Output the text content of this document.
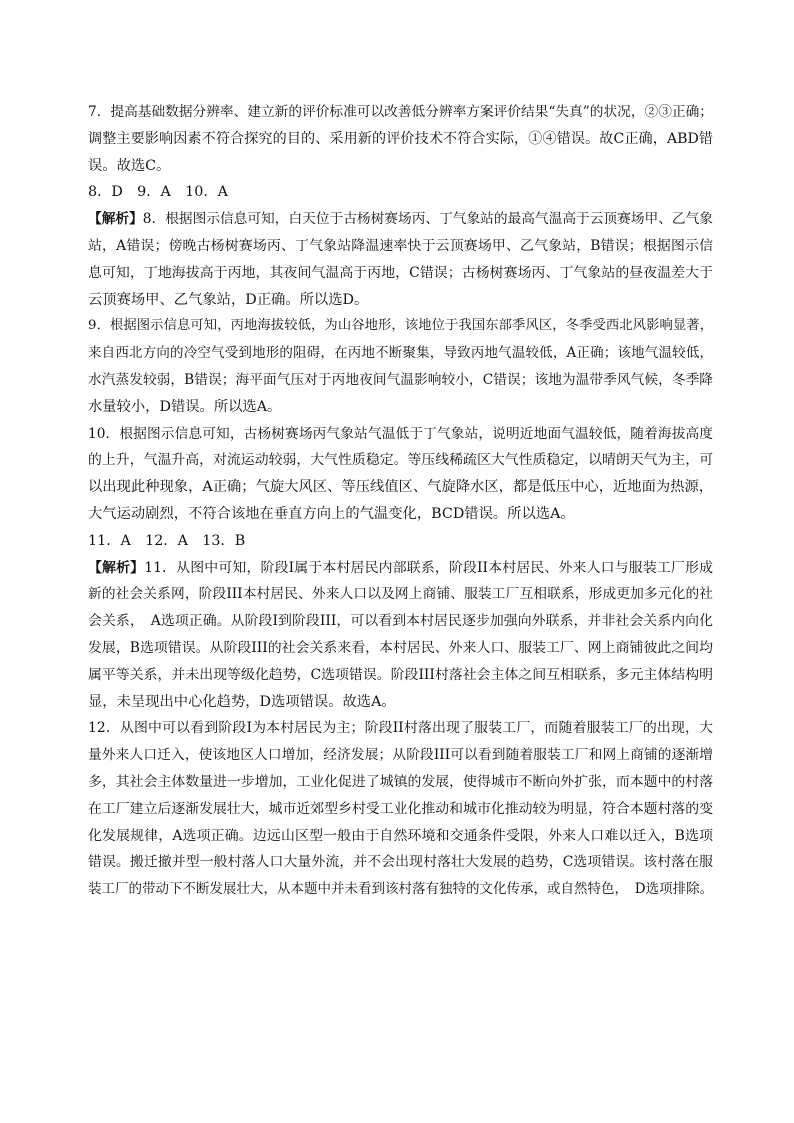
7．提高基础数据分辨率、建立新的评价标准可以改善低分辨率方案评价结果“失真”的状况，②③正确；
调整主要影响因素不符合探究的目的、采用新的评价技术不符合实际，①④错误。故C正确，ABD错
误。故选C。
8．D　9．A　10．A
【解析】8．根据图示信息可知，白天位于古杨树赛场丙、丁气象站的最高气温高于云顶赛场甲、乙气象
站，A错误；傍晚古杨树赛场丙、丁气象站降温速率快于云顶赛场甲、乙气象站，B错误；根据图示信
息可知，丁地海拔高于丙地，其夜间气温高于丙地，C错误；古杨树赛场丙、丁气象站的昼夜温差大于
云顶赛场甲、乙气象站，D正确。所以选D。
9．根据图示信息可知，丙地海拔较低，为山谷地形，该地位于我国东部季风区，冬季受西北风影响显著，
来自西北方向的冷空气受到地形的阻碍，在丙地不断聚集，导致丙地气温较低，A正确；该地气温较低，
水汽蒸发较弱，B错误；海平面气压对于丙地夜间气温影响较小，C错误；该地为温带季风气候，冬季降
水量较小，D错误。所以选A。
10．根据图示信息可知，古杨树赛场丙气象站气温低于丁气象站，说明近地面气温较低，随着海拔高度
的上升，气温升高，对流运动较弱，大气性质稳定。等压线稀疏区大气性质稳定，以晴朗天气为主，可
以出现此种现象，A正确；气旋大风区、等压线值区、气旋降水区，都是低压中心，近地面为热源，
大气运动剧烈，不符合该地在垂直方向上的气温变化，BCD错误。所以选A。
11．A　12．A　13．B
【解析】11．从图中可知，阶段I属于本村居民内部联系，阶段II本村居民、外来人口与服装工厂形成
新的社会关系网，阶段III本村居民、外来人口以及网上商铺、服装工厂互相联系，形成更加多元化的社
会关系，　A选项正确。从阶段I到阶段III，可以看到本村居民逐步加强向外联系，并非社会关系内向化
发展，B选项错误。从阶段III的社会关系来看，本村居民、外来人口、服装工厂、网上商铺彼此之间均
属平等关系，并未出现等级化趋势，C选项错误。阶段III村落社会主体之间互相联系，多元主体结构明
显，未呈现出中心化趋势，D选项错误。故选A。
12．从图中可以看到阶段I为本村居民为主；阶段II村落出现了服装工厂，而随着服装工厂的出现，大
量外来人口迁入，使该地区人口增加，经济发展；从阶段III可以看到随着服装工厂和网上商铺的逐渐增
多，其社会主体数量进一步增加，工业化促进了城镇的发展，使得城市不断向外扩张，而本题中的村落
在工厂建立后逐渐发展壮大，城市近郊型乡村受工业化推动和城市化推动较为明显，符合本题村落的变
化发展规律，A选项正确。边远山区型一般由于自然环境和交通条件受限，外来人口难以迁入，B选项
错误。搬迁撤并型一般村落人口大量外流，并不会出现村落壮大发展的趋势，C选项错误。该村落在服
装工厂的带动下不断发展壮大，从本题中并未看到该村落有独特的文化传承，或自然特色，　D选项排除。
